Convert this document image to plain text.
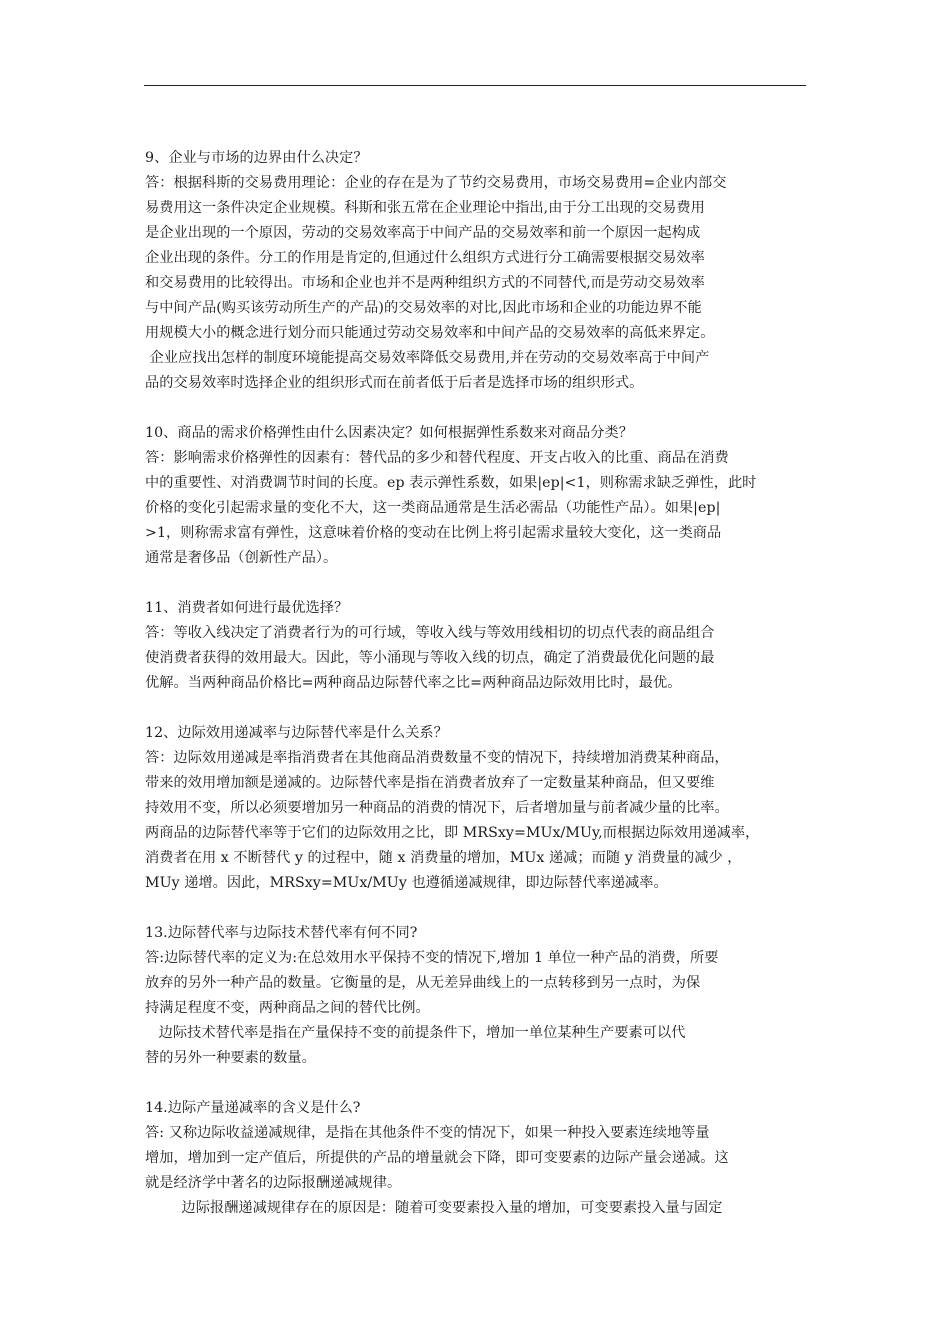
9、企业与市场的边界由什么决定？
答：根据科斯的交易费用理论：企业的存在是为了节约交易费用，市场交易费用=企业内部交
易费用这一条件决定企业规模。科斯和张五常在企业理论中指出,由于分工出现的交易费用
是企业出现的一个原因，劳动的交易效率高于中间产品的交易效率和前一个原因一起构成
企业出现的条件。分工的作用是肯定的,但通过什么组织方式进行分工确需要根据交易效率
和交易费用的比较得出。市场和企业也并不是两种组织方式的不同替代,而是劳动交易效率
与中间产品(购买该劳动所生产的产品)的交易效率的对比,因此市场和企业的功能边界不能
用规模大小的概念进行划分而只能通过劳动交易效率和中间产品的交易效率的高低来界定。
企业应找出怎样的制度环境能提高交易效率降低交易费用,并在劳动的交易效率高于中间产
品的交易效率时选择企业的组织形式而在前者低于后者是选择市场的组织形式。
10、商品的需求价格弹性由什么因素决定？如何根据弹性系数来对商品分类？
答：影响需求价格弹性的因素有：替代品的多少和替代程度、开支占收入的比重、商品在消费
中的重要性、对消费调节时间的长度。ep 表示弹性系数，如果|ep|<1，则称需求缺乏弹性，此时
价格的变化引起需求量的变化不大，这一类商品通常是生活必需品（功能性产品）。如果|ep|
>1，则称需求富有弹性，这意味着价格的变动在比例上将引起需求量较大变化，这一类商品
通常是奢侈品（创新性产品）。
11、消费者如何进行最优选择？
答：等收入线决定了消费者行为的可行域，等收入线与等效用线相切的切点代表的商品组合
使消费者获得的效用最大。因此，等小涌现与等收入线的切点，确定了消费最优化问题的最
优解。当两种商品价格比=两种商品边际替代率之比=两种商品边际效用比时，最优。
12、边际效用递减率与边际替代率是什么关系？
答：边际效用递减是率指消费者在其他商品消费数量不变的情况下，持续增加消费某种商品，
带来的效用增加额是递减的。边际替代率是指在消费者放弃了一定数量某种商品，但又要维
持效用不变，所以必须要增加另一种商品的消费的情况下，后者增加量与前者减少量的比率。
两商品的边际替代率等于它们的边际效用之比，即 MRSxy=MUx/MUy,而根据边际效用递减率，
消费者在用 x 不断替代 y 的过程中，随 x 消费量的增加，MUx 递减；而随 y 消费量的减少 ，
MUy 递增。因此，MRSxy=MUx/MUy 也遵循递减规律，即边际替代率递减率。
13.边际替代率与边际技术替代率有何不同?
答:边际替代率的定义为:在总效用水平保持不变的情况下,增加 1 单位一种产品的消费，所要
放弃的另外一种产品的数量。它衡量的是，从无差异曲线上的一点转移到另一点时，为保
持满足程度不变，两种商品之间的替代比例。
边际技术替代率是指在产量保持不变的前提条件下，增加一单位某种生产要素可以代
替的另外一种要素的数量。
14.边际产量递减率的含义是什么?
答: 又称边际收益递减规律，是指在其他条件不变的情况下，如果一种投入要素连续地等量
增加，增加到一定产值后，所提供的产品的增量就会下降，即可变要素的边际产量会递减。这
就是经济学中著名的边际报酬递减规律。
边际报酬递减规律存在的原因是：随着可变要素投入量的增加，可变要素投入量与固定
